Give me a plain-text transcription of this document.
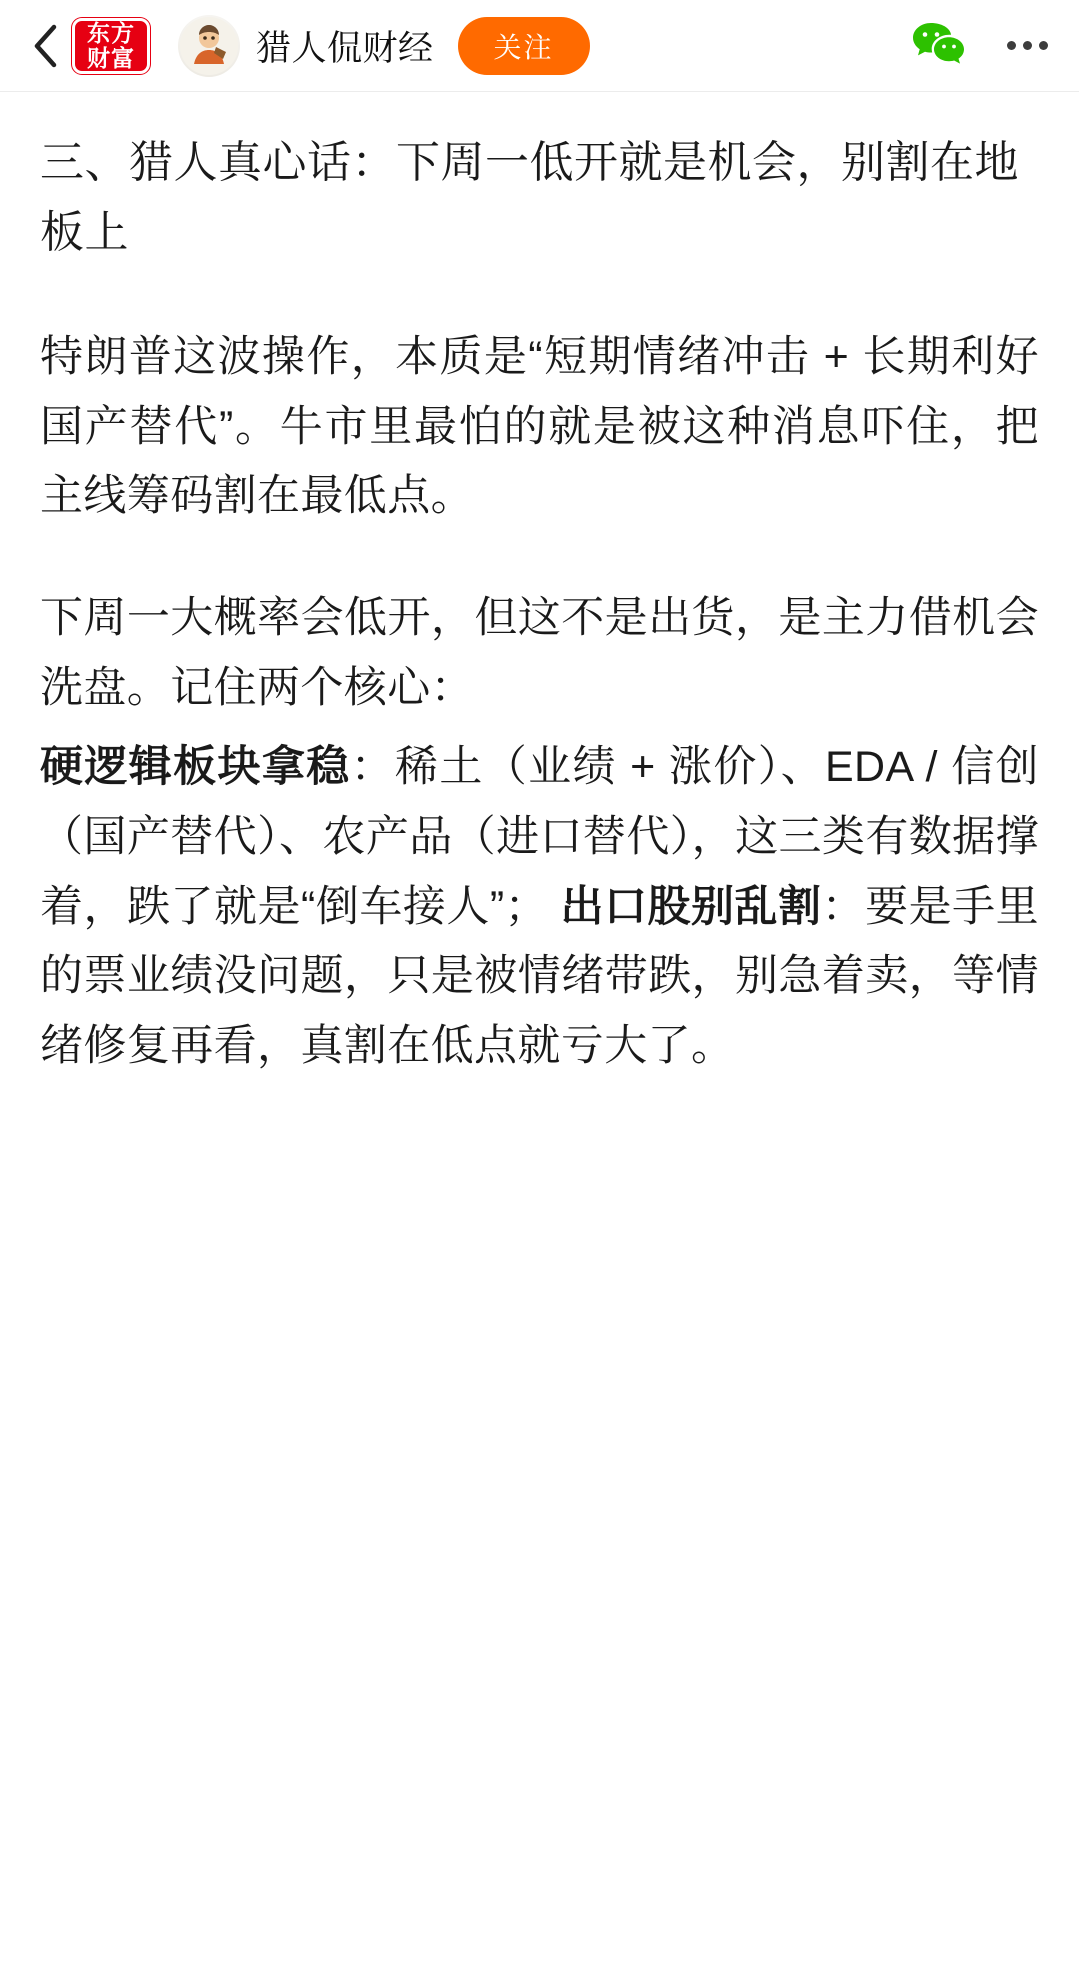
东方
财富	猎人侃财经	关注
三、猎人真心话：下周一低开就是机会，别割在地板上

特朗普这波操作，本质是“短期情绪冲击 + 长期利好国产替代”。牛市里最怕的就是被这种消息吓住，把主线筹码割在最低点。

下周一大概率会低开，但这不是出货，是主力借机会洗盘。记住两个核心：

硬逻辑板块拿稳：稀土（业绩 + 涨价）、EDA / 信创（国产替代）、农产品（进口替代），这三类有数据撑着，跌了就是“倒车接人”； 出口股别乱割：要是手里的票业绩没问题，只是被情绪带跌，别急着卖，等情绪修复再看，真割在低点就亏大了。
